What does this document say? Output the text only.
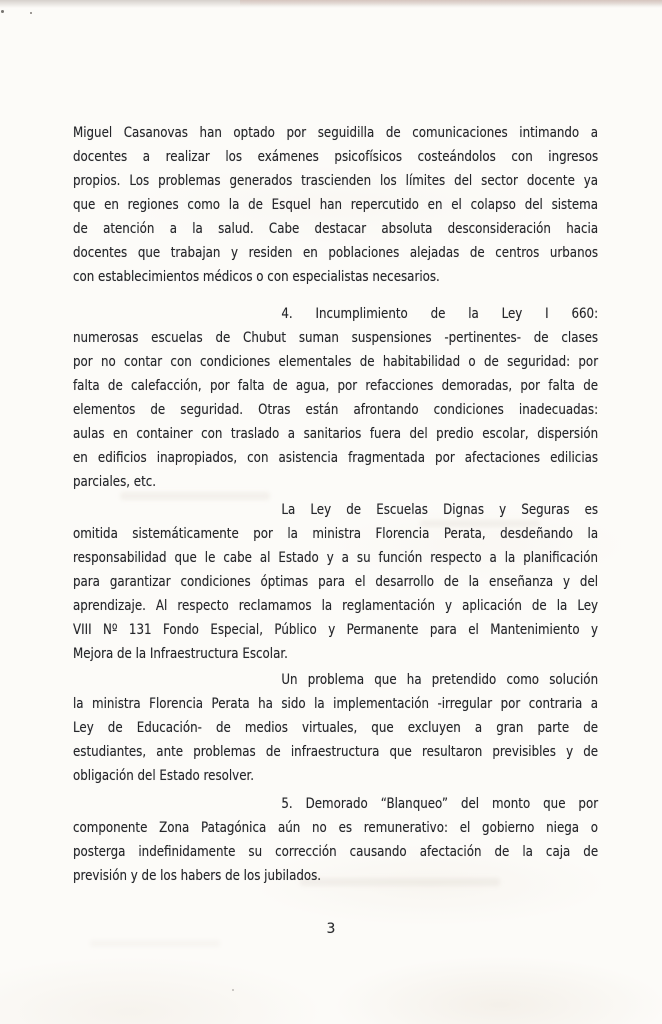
Miguel Casanovas han optado por seguidilla de comunicaciones intimando a
docentes a realizar los exámenes psicofísicos costeándolos con ingresos
propios. Los problemas generados trascienden los límites del sector docente ya
que en regiones como la de Esquel han repercutido en el colapso del sistema
de atención a la salud. Cabe destacar absoluta desconsideración hacia
docentes que trabajan y residen en poblaciones alejadas de centros urbanos
con establecimientos médicos o con especialistas necesarios.
4. Incumplimiento de la Ley I 660:
numerosas escuelas de Chubut suman suspensiones -pertinentes- de clases
por no contar con condiciones elementales de habitabilidad o de seguridad: por
falta de calefacción, por falta de agua, por refacciones demoradas, por falta de
elementos de seguridad. Otras están afrontando condiciones inadecuadas:
aulas en container con traslado a sanitarios fuera del predio escolar, dispersión
en edificios inapropiados, con asistencia fragmentada por afectaciones edilicias
parciales, etc.
La Ley de Escuelas Dignas y Seguras es
omitida sistemáticamente por la ministra Florencia Perata, desdeñando la
responsabilidad que le cabe al Estado y a su función respecto a la planificación
para garantizar condiciones óptimas para el desarrollo de la enseñanza y del
aprendizaje. Al respecto reclamamos la reglamentación y aplicación de la Ley
VIII Nº 131 Fondo Especial, Público y Permanente para el Mantenimiento y
Mejora de la Infraestructura Escolar.
Un problema que ha pretendido como solución
la ministra Florencia Perata ha sido la implementación -irregular por contraria a
Ley de Educación- de medios virtuales, que excluyen a gran parte de
estudiantes, ante problemas de infraestructura que resultaron previsibles y de
obligación del Estado resolver.
5. Demorado “Blanqueo” del monto que por
componente Zona Patagónica aún no es remunerativo: el gobierno niega o
posterga indefinidamente su corrección causando afectación de la caja de
previsión y de los habers de los jubilados.
3
